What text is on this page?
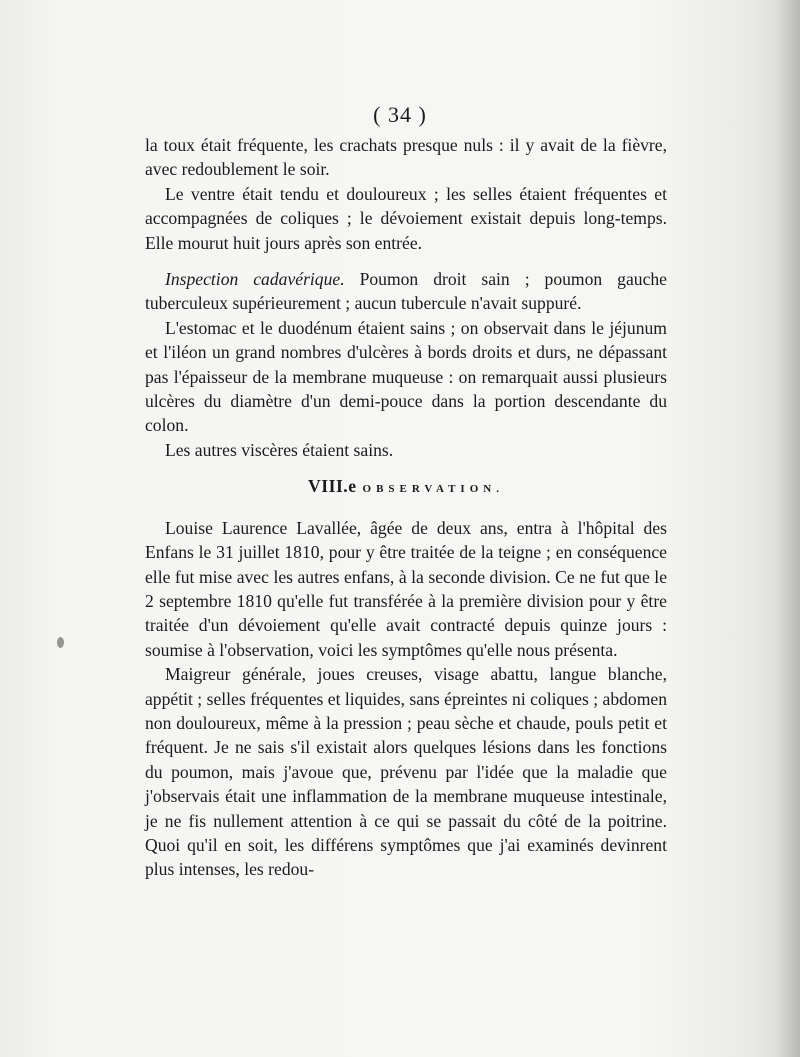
( 34 )

la toux était fréquente, les crachats presque nuls : il y avait de la fièvre, avec redoublement le soir.

Le ventre était tendu et douloureux ; les selles étaient fréquentes et accompagnées de coliques ; le dévoiement existait depuis long-temps. Elle mourut huit jours après son entrée.

Inspection cadavérique. Poumon droit sain ; poumon gauche tuberculeux supérieurement ; aucun tubercule n'avait suppuré.

L'estomac et le duodénum étaient sains ; on observait dans le jéjunum et l'iléon un grand nombres d'ulcères à bords droits et durs, ne dépassant pas l'épaisseur de la membrane muqueuse : on remarquait aussi plusieurs ulcères du diamètre d'un demi-pouce dans la portion descendante du colon.

Les autres viscères étaient sains.

VIII.e OBSERVATION.

Louise Laurence Lavallée, âgée de deux ans, entra à l'hôpital des Enfans le 31 juillet 1810, pour y être traitée de la teigne ; en conséquence elle fut mise avec les autres enfans, à la seconde division. Ce ne fut que le 2 septembre 1810 qu'elle fut transférée à la première division pour y être traitée d'un dévoiement qu'elle avait contracté depuis quinze jours : soumise à l'observation, voici les symptômes qu'elle nous présenta.

Maigreur générale, joues creuses, visage abattu, langue blanche, appétit ; selles fréquentes et liquides, sans épreintes ni coliques ; abdomen non douloureux, même à la pression ; peau sèche et chaude, pouls petit et fréquent. Je ne sais s'il existait alors quelques lésions dans les fonctions du poumon, mais j'avoue que, prévenu par l'idée que la maladie que j'observais était une inflammation de la membrane muqueuse intestinale, je ne fis nullement attention à ce qui se passait du côté de la poitrine. Quoi qu'il en soit, les différens symptômes que j'ai examinés devinrent plus intenses, les redou-
